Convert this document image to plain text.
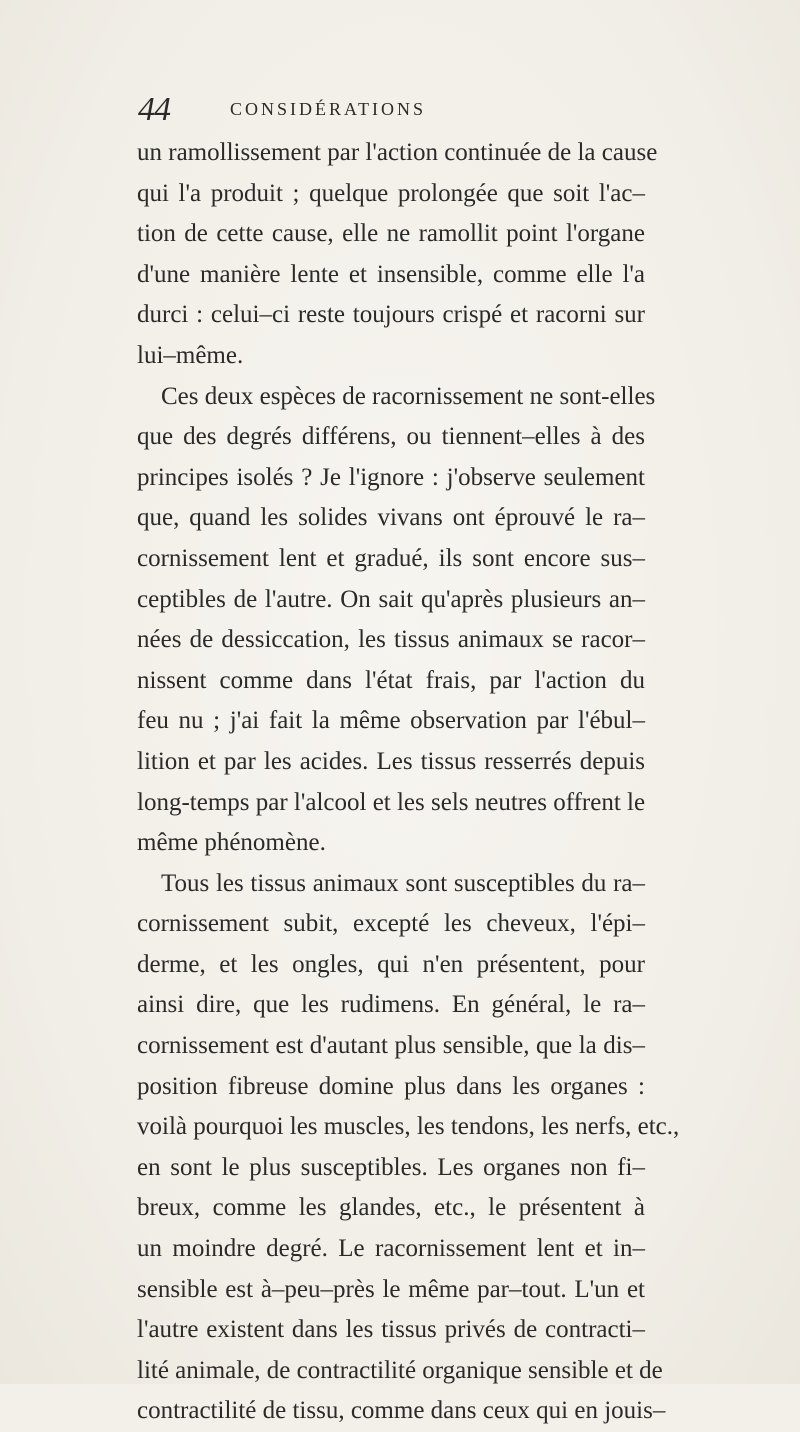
44	CONSIDÉRATIONS
un ramollissement par l'action continuée de la cause
qui l'a produit ; quelque prolongée que soit l'ac–
tion de cette cause, elle ne ramollit point l'organe
d'une manière lente et insensible, comme elle l'a
durci : celui–ci reste toujours crispé et racorni sur
lui–même.
Ces deux espèces de racornissement ne sont-elles
que des degrés différens, ou tiennent–elles à des
principes isolés ? Je l'ignore : j'observe seulement
que, quand les solides vivans ont éprouvé le ra–
cornissement lent et gradué, ils sont encore sus–
ceptibles de l'autre. On sait qu'après plusieurs an–
nées de dessiccation, les tissus animaux se racor–
nissent comme dans l'état frais, par l'action du
feu nu ; j'ai fait la même observation par l'ébul–
lition et par les acides. Les tissus resserrés depuis
long-temps par l'alcool et les sels neutres offrent le
même phénomène.
Tous les tissus animaux sont susceptibles du ra–
cornissement subit, excepté les cheveux, l'épi–
derme, et les ongles, qui n'en présentent, pour
ainsi dire, que les rudimens. En général, le ra–
cornissement est d'autant plus sensible, que la dis–
position fibreuse domine plus dans les organes :
voilà pourquoi les muscles, les tendons, les nerfs, etc.,
en sont le plus susceptibles. Les organes non fi–
breux, comme les glandes, etc., le présentent à
un moindre degré. Le racornissement lent et in–
sensible est à–peu–près le même par–tout. L'un et
l'autre existent dans les tissus privés de contracti–
lité animale, de contractilité organique sensible et de
contractilité de tissu, comme dans ceux qui en jouis–
